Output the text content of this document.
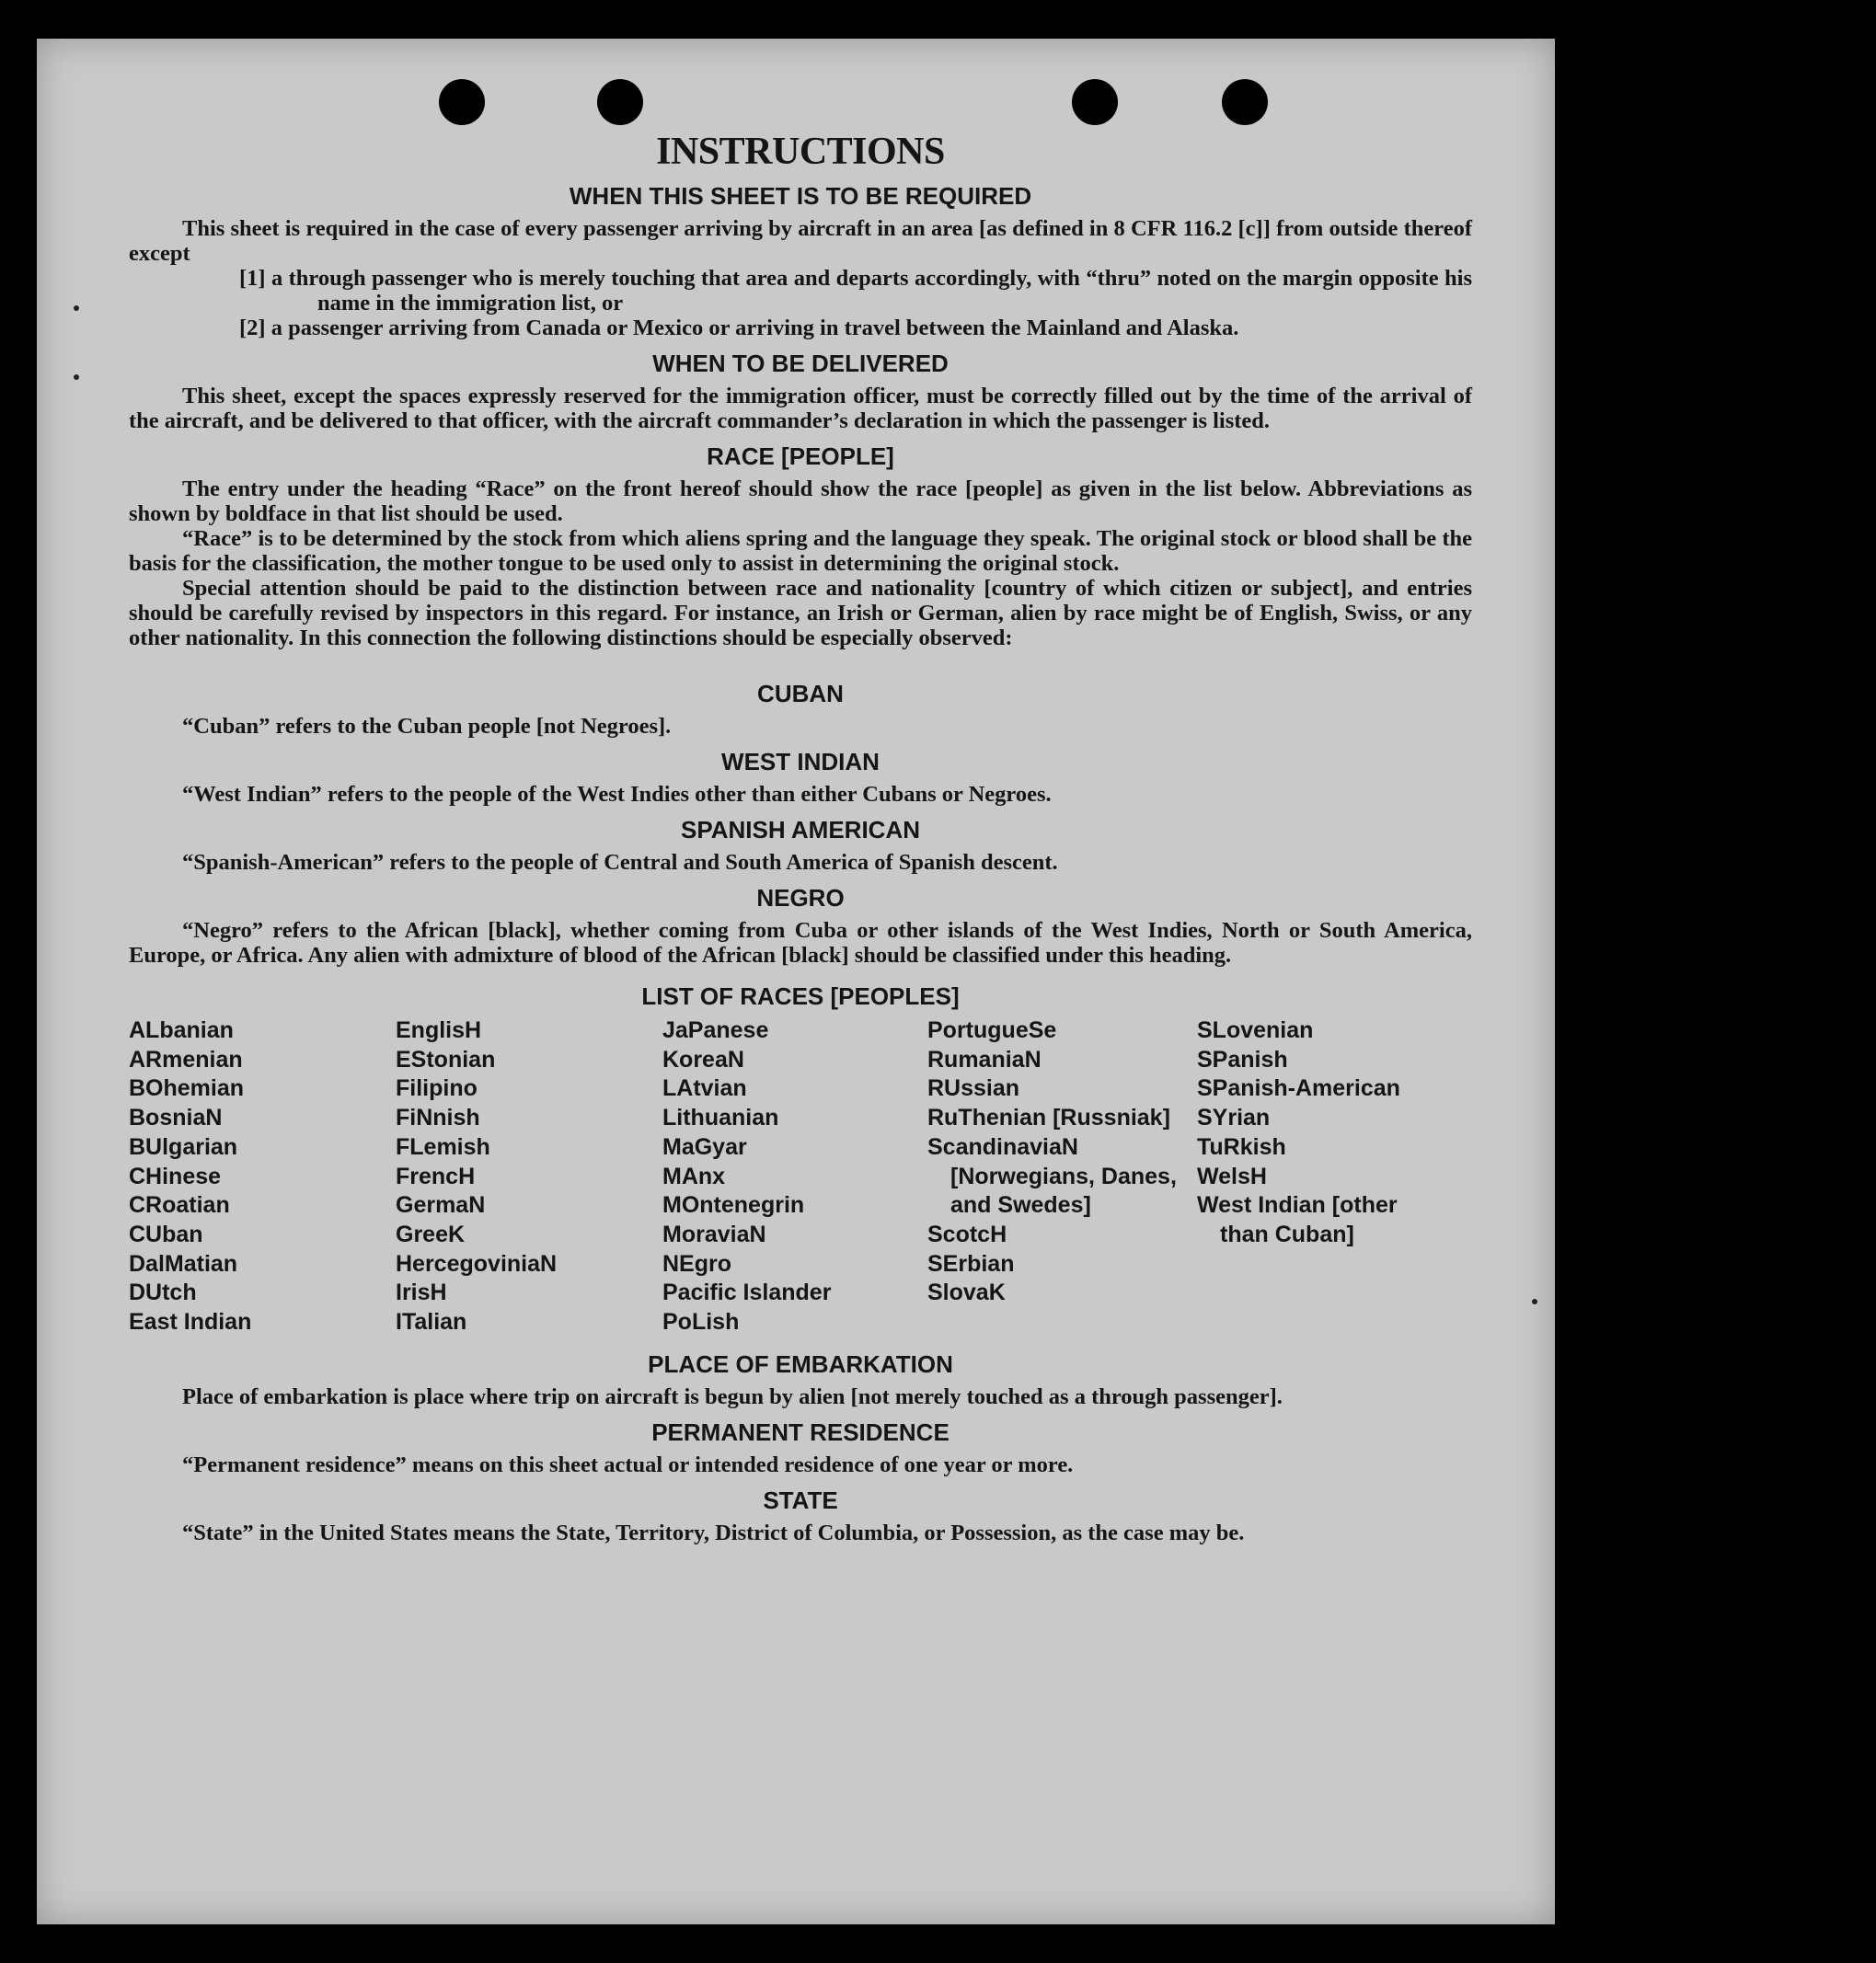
INSTRUCTIONS
WHEN THIS SHEET IS TO BE REQUIRED

This sheet is required in the case of every passenger arriving by aircraft in an area [as defined in 8 CFR 116.2 [c]] from outside thereof except

[1] a through passenger who is merely touching that area and departs accordingly, with “thru” noted on the margin opposite his name in the immigration list, or
[2] a passenger arriving from Canada or Mexico or arriving in travel between the Mainland and Alaska.
WHEN TO BE DELIVERED

This sheet, except the spaces expressly reserved for the immigration officer, must be correctly filled out by the time of the arrival of the aircraft, and be delivered to that officer, with the aircraft commander’s declaration in which the passenger is listed.

RACE [PEOPLE]

The entry under the heading “Race” on the front hereof should show the race [people] as given in the list below. Abbreviations as shown by boldface in that list should be used.

“Race” is to be determined by the stock from which aliens spring and the language they speak. The original stock or blood shall be the basis for the classification, the mother tongue to be used only to assist in determining the original stock.

Special attention should be paid to the distinction between race and nationality [country of which citizen or subject], and entries should be carefully revised by inspectors in this regard. For instance, an Irish or German, alien by race might be of English, Swiss, or any other nationality. In this connection the following distinctions should be especially observed:

CUBAN

“Cuban” refers to the Cuban people [not Negroes].

WEST INDIAN

“West Indian” refers to the people of the West Indies other than either Cubans or Negroes.

SPANISH AMERICAN

“Spanish-American” refers to the people of Central and South America of Spanish descent.

NEGRO

“Negro” refers to the African [black], whether coming from Cuba or other islands of the West Indies, North or South America, Europe, or Africa. Any alien with admixture of blood of the African [black] should be classified under this heading.

LIST OF RACES [PEOPLES]
ALbanian
ARmenian
BOhemian
BosniaN
BUlgarian
CHinese
CRoatian
CUban
DalMatian
DUtch
East Indian
EnglisH
EStonian
Filipino
FiNnish
FLemish
FrencH
GermaN
GreeK
HercegoviniaN
IrisH
ITalian
JaPanese
KoreaN
LAtvian
Lithuanian
MaGyar
MAnx
MOntenegrin
MoraviaN
NEgro
Pacific Islander
PoLish
PortugueSe
RumaniaN
RUssian
RuThenian [Russniak]
ScandinaviaN [Norwegians, Danes, and Swedes]
ScotcH
SErbian
SlovaK
SLovenian
SPanish
SPanish-American
SYrian
TuRkish
WelsH
West Indian [other than Cuban]
PLACE OF EMBARKATION

Place of embarkation is place where trip on aircraft is begun by alien [not merely touched as a through passenger].

PERMANENT RESIDENCE

“Permanent residence” means on this sheet actual or intended residence of one year or more.

STATE

“State” in the United States means the State, Territory, District of Columbia, or Possession, as the case may be.
